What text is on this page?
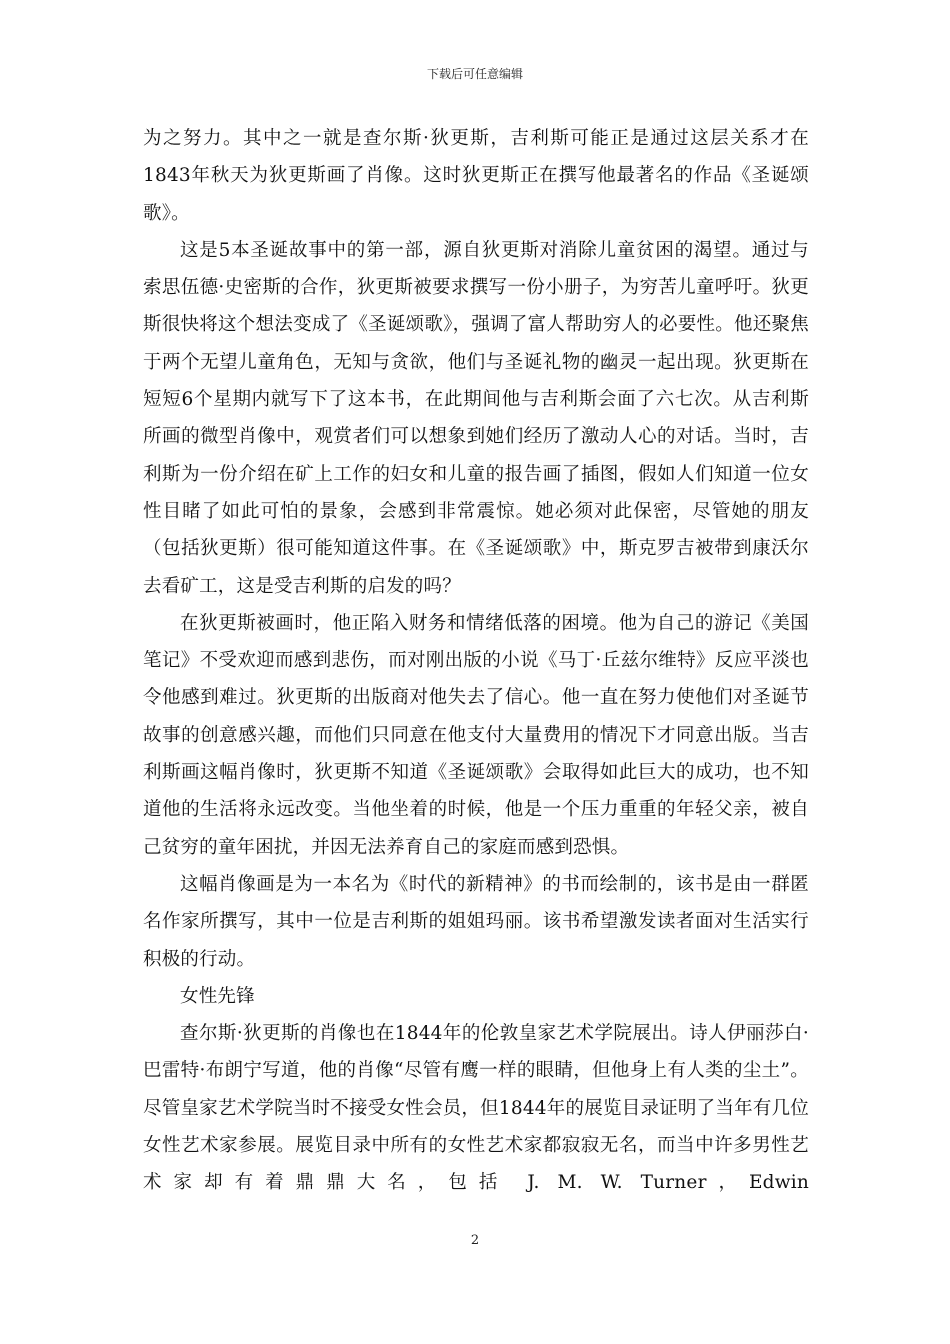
下载后可任意编辑

为之努力。其中之一就是查尔斯·狄更斯，吉利斯可能正是通过这层关系才在1843年秋天为狄更斯画了肖像。这时狄更斯正在撰写他最著名的作品《圣诞颂歌》。

这是5本圣诞故事中的第一部，源自狄更斯对消除儿童贫困的渴望。通过与索思伍德·史密斯的合作，狄更斯被要求撰写一份小册子，为穷苦儿童呼吁。狄更斯很快将这个想法变成了《圣诞颂歌》，强调了富人帮助穷人的必要性。他还聚焦于两个无望儿童角色，无知与贪欲，他们与圣诞礼物的幽灵一起出现。狄更斯在短短6个星期内就写下了这本书，在此期间他与吉利斯会面了六七次。从吉利斯所画的微型肖像中，观赏者们可以想象到她们经历了激动人心的对话。当时，吉利斯为一份介绍在矿上工作的妇女和儿童的报告画了插图，假如人们知道一位女性目睹了如此可怕的景象，会感到非常震惊。她必须对此保密，尽管她的朋友（包括狄更斯）很可能知道这件事。在《圣诞颂歌》中，斯克罗吉被带到康沃尔去看矿工，这是受吉利斯的启发的吗？

在狄更斯被画时，他正陷入财务和情绪低落的困境。他为自己的游记《美国笔记》不受欢迎而感到悲伤，而对刚出版的小说《马丁·丘兹尔维特》反应平淡也令他感到难过。狄更斯的出版商对他失去了信心。他一直在努力使他们对圣诞节故事的创意感兴趣，而他们只同意在他支付大量费用的情况下才同意出版。当吉利斯画这幅肖像时，狄更斯不知道《圣诞颂歌》会取得如此巨大的成功，也不知道他的生活将永远改变。当他坐着的时候，他是一个压力重重的年轻父亲，被自己贫穷的童年困扰，并因无法养育自己的家庭而感到恐惧。

这幅肖像画是为一本名为《时代的新精神》的书而绘制的，该书是由一群匿名作家所撰写，其中一位是吉利斯的姐姐玛丽。该书希望激发读者面对生活实行积极的行动。

女性先锋

查尔斯·狄更斯的肖像也在1844年的伦敦皇家艺术学院展出。诗人伊丽莎白·巴雷特·布朗宁写道，他的肖像“尽管有鹰一样的眼睛，但他身上有人类的尘土”。尽管皇家艺术学院当时不接受女性会员，但1844年的展览目录证明了当年有几位女性艺术家参展。展览目录中所有的女性艺术家都寂寂无名，而当中许多男性艺术家却有着鼎鼎大名，包括 J. M. W. Turner，Edwin

2
